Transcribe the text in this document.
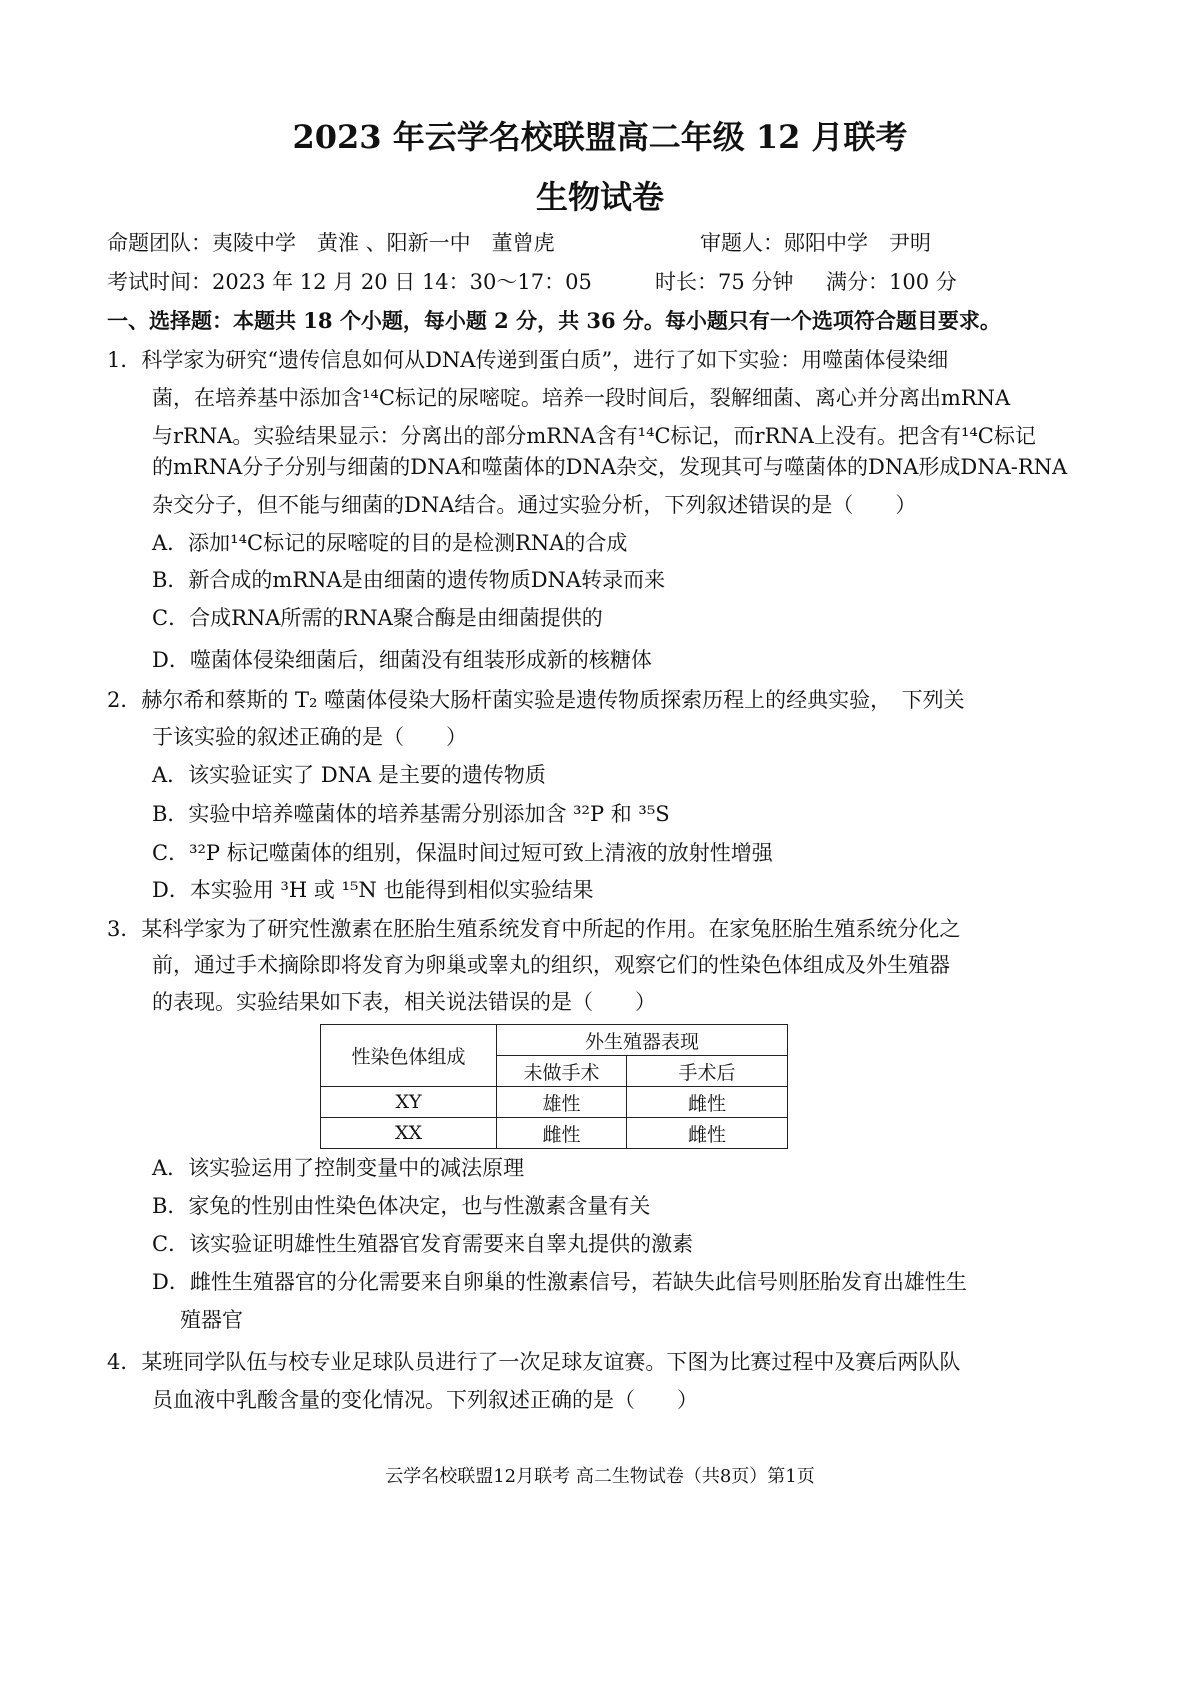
2023 年云学名校联盟高二年级 12 月联考
生物试卷
命题团队：夷陵中学　黄淮 、阳新一中　董曾虎	审题人：郧阳中学　尹明
考试时间：2023 年 12 月 20 日 14：30～17：05	时长：75 分钟 满分：100 分
一、选择题：本题共 18 个小题，每小题 2 分，共 36 分。每小题只有一个选项符合题目要求。
1．科学家为研究“遗传信息如何从DNA传递到蛋白质”，进行了如下实验：用噬菌体侵染细
菌，在培养基中添加含¹⁴C标记的尿嘧啶。培养一段时间后，裂解细菌、离心并分离出mRNA
与rRNA。实验结果显示：分离出的部分mRNA含有¹⁴C标记，而rRNA上没有。把含有¹⁴C标记
的mRNA分子分别与细菌的DNA和噬菌体的DNA杂交，发现其可与噬菌体的DNA形成DNA-RNA
杂交分子，但不能与细菌的DNA结合。通过实验分析，下列叙述错误的是（　　）
A．添加¹⁴C标记的尿嘧啶的目的是检测RNA的合成
B．新合成的mRNA是由细菌的遗传物质DNA转录而来
C．合成RNA所需的RNA聚合酶是由细菌提供的
D．噬菌体侵染细菌后，细菌没有组装形成新的核糖体
2．赫尔希和蔡斯的 T₂ 噬菌体侵染大肠杆菌实验是遗传物质探索历程上的经典实验，　下列关
于该实验的叙述正确的是（　　）
A．该实验证实了 DNA 是主要的遗传物质
B．实验中培养噬菌体的培养基需分别添加含 ³²P 和 ³⁵S
C．³²P 标记噬菌体的组别，保温时间过短可致上清液的放射性增强
D．本实验用 ³H 或 ¹⁵N 也能得到相似实验结果
3．某科学家为了研究性激素在胚胎生殖系统发育中所起的作用。在家兔胚胎生殖系统分化之
前，通过手术摘除即将发育为卵巢或睾丸的组织，观察它们的性染色体组成及外生殖器
的表现。实验结果如下表，相关说法错误的是（　　）
性染色体组成	外生殖器表现	
	未做手术	手术后
XY	雄性	雌性
XX	雌性	雌性
A．该实验运用了控制变量中的减法原理
B．家兔的性别由性染色体决定，也与性激素含量有关
C．该实验证明雄性生殖器官发育需要来自睾丸提供的激素
D．雌性生殖器官的分化需要来自卵巢的性激素信号，若缺失此信号则胚胎发育出雄性生
殖器官
4．某班同学队伍与校专业足球队员进行了一次足球友谊赛。下图为比赛过程中及赛后两队队
员血液中乳酸含量的变化情况。下列叙述正确的是（　　）
云学名校联盟12月联考 高二生物试卷（共8页）第1页
